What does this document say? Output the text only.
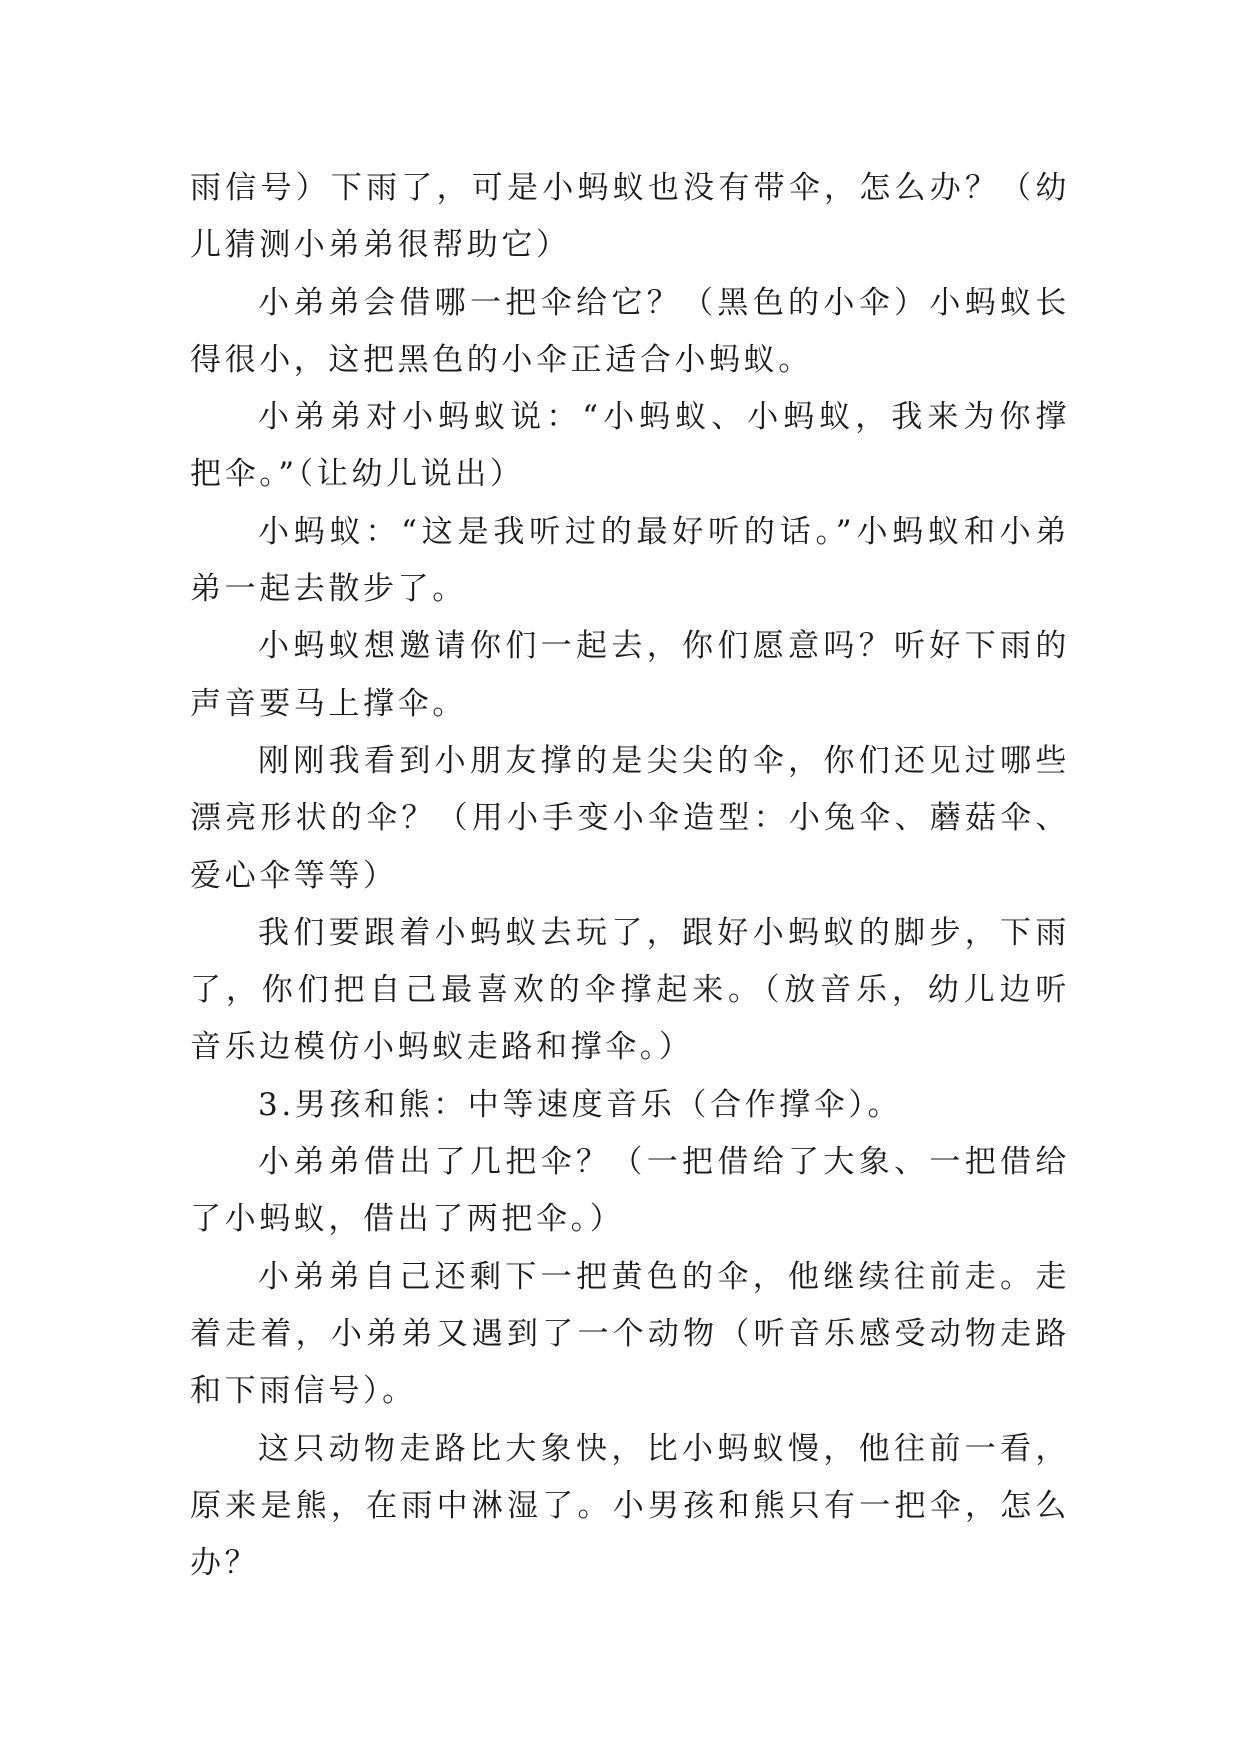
雨信号）下雨了，可是小蚂蚁也没有带伞，怎么办？（幼儿猜测小弟弟很帮助它）

小弟弟会借哪一把伞给它？（黑色的小伞）小蚂蚁长得很小，这把黑色的小伞正适合小蚂蚁。

小弟弟对小蚂蚁说：“小蚂蚁、小蚂蚁，我来为你撑把伞。”（让幼儿说出）

小蚂蚁：“这是我听过的最好听的话。”小蚂蚁和小弟弟一起去散步了。

小蚂蚁想邀请你们一起去，你们愿意吗？听好下雨的声音要马上撑伞。

刚刚我看到小朋友撑的是尖尖的伞，你们还见过哪些漂亮形状的伞？（用小手变小伞造型：小兔伞、蘑菇伞、爱心伞等等）

我们要跟着小蚂蚁去玩了，跟好小蚂蚁的脚步，下雨了，你们把自己最喜欢的伞撑起来。（放音乐，幼儿边听音乐边模仿小蚂蚁走路和撑伞。）

3.男孩和熊：中等速度音乐（合作撑伞）。

小弟弟借出了几把伞？（一把借给了大象、一把借给了小蚂蚁，借出了两把伞。）

小弟弟自己还剩下一把黄色的伞，他继续往前走。走着走着，小弟弟又遇到了一个动物（听音乐感受动物走路和下雨信号）。

这只动物走路比大象快，比小蚂蚁慢，他往前一看，原来是熊，在雨中淋湿了。小男孩和熊只有一把伞，怎么办？
